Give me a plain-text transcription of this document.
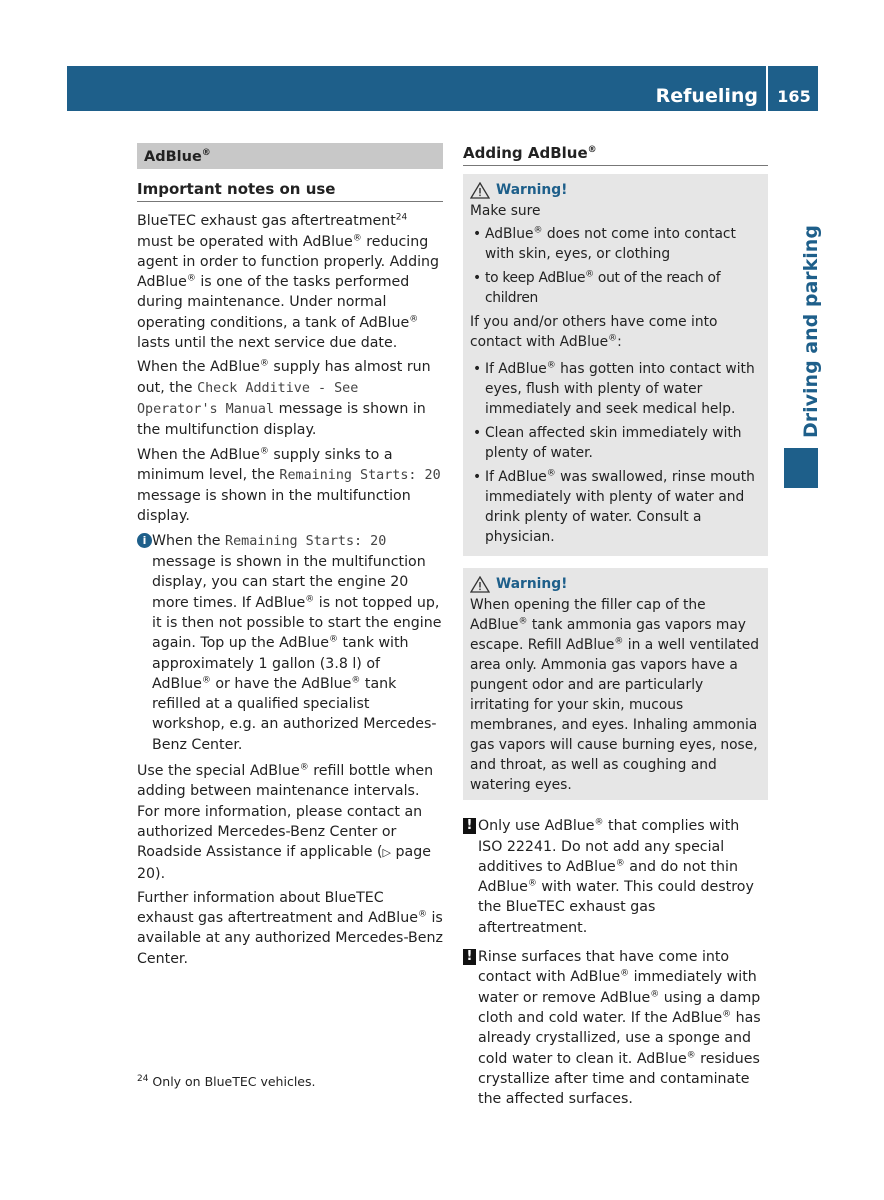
Refueling	165
Driving and parking
AdBlue®
Important notes on use

BlueTEC exhaust gas aftertreatment$^{24}$ must be operated with AdBlue® reducing agent in order to function properly. Adding AdBlue® is one of the tasks performed during maintenance. Under normal operating conditions, a tank of AdBlue® lasts until the next service due date.

When the AdBlue® supply has almost run out, the Check Additive - See Operator's Manual message is shown in the multifunction display.

When the AdBlue® supply sinks to a minimum level, the Remaining Starts: 20 message is shown in the multifunction display.

i When the Remaining Starts: 20 message is shown in the multifunction display, you can start the engine 20 more times. If AdBlue® is not topped up, it is then not possible to start the engine again. Top up the AdBlue® tank with approximately 1 gallon (3.8 l) of AdBlue® or have the AdBlue® tank refilled at a qualified specialist workshop, e.g. an authorized Mercedes-Benz Center.

Use the special AdBlue® refill bottle when adding between maintenance intervals. For more information, please contact an authorized Mercedes-Benz Center or Roadside Assistance if applicable (▷ page 20).

Further information about BlueTEC exhaust gas aftertreatment and AdBlue® is available at any authorized Mercedes-Benz Center.

Adding AdBlue®
Warning!
Make sure
• AdBlue® does not come into contact with skin, eyes, or clothing
• to keep AdBlue® out of the reach of children
If you and/or others have come into contact with AdBlue®:
• If AdBlue® has gotten into contact with eyes, flush with plenty of water immediately and seek medical help.
• Clean affected skin immediately with plenty of water.
• If AdBlue® was swallowed, rinse mouth immediately with plenty of water and drink plenty of water. Consult a physician.
Warning!
When opening the filler cap of the AdBlue® tank ammonia gas vapors may escape. Refill AdBlue® in a well ventilated area only. Ammonia gas vapors have a pungent odor and are particularly irritating for your skin, mucous membranes, and eyes. Inhaling ammonia gas vapors will cause burning eyes, nose, and throat, as well as coughing and watering eyes.
! Only use AdBlue® that complies with ISO 22241. Do not add any special additives to AdBlue® and do not thin AdBlue® with water. This could destroy the BlueTEC exhaust gas aftertreatment.
! Rinse surfaces that have come into contact with AdBlue® immediately with water or remove AdBlue® using a damp cloth and cold water. If the AdBlue® has already crystallized, use a sponge and cold water to clean it. AdBlue® residues crystallize after time and contaminate the affected surfaces.
$^{24}$ Only on BlueTEC vehicles.
